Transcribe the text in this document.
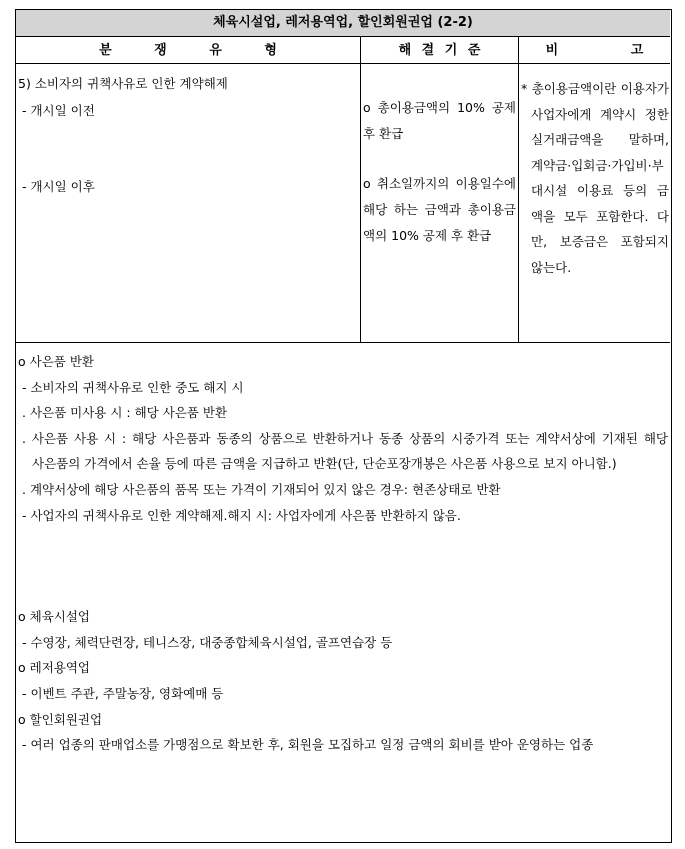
체육시설업, 레저용역업, 할인회원권업 (2-2)
분 쟁 유 형	해 결 기 준	비 고
5) 소비자의 귀책사유로 인한 계약해제
- 개시일 이전
- 개시일 이후
o 총이용금액의 10% 공제 후 환급
o 취소일까지의 이용일수에 해당 하는 금액과 총이용금액의 10% 공제 후 환급
* 총이용금액이란 이용자가
사업자에게 계약시 정한
실거래금액을 말하며,
계약금·입회금·가입비·부
대시설 이용료 등의 금
액을 모두 포함한다. 다
만, 보증금은 포함되지
않는다.
o 사은품 반환
- 소비자의 귀책사유로 인한 중도 해지 시
. 사은품 미사용 시 : 해당 사은품 반환
. 사은품 사용 시 : 해당 사은품과 동종의 상품으로 반환하거나 동종 상품의 시중가격 또는 계약서상에 기재된 해당
사은품의 가격에서 손율 등에 따른 금액을 지급하고 반환(단, 단순포장개봉은 사은품 사용으로 보지 아니함.)
. 계약서상에 해당 사은품의 품목 또는 가격이 기재되어 있지 않은 경우: 현존상태로 반환
- 사업자의 귀책사유로 인한 계약해제.해지 시: 사업자에게 사은품 반환하지 않음.
o 체육시설업
- 수영장, 체력단련장, 테니스장, 대중종합체육시설업, 골프연습장 등
o 레저용역업
- 이벤트 주관, 주말농장, 영화예매 등
o 할인회원권업
- 여러 업종의 판매업소를 가맹점으로 확보한 후, 회원을 모집하고 일정 금액의 회비를 받아 운영하는 업종
